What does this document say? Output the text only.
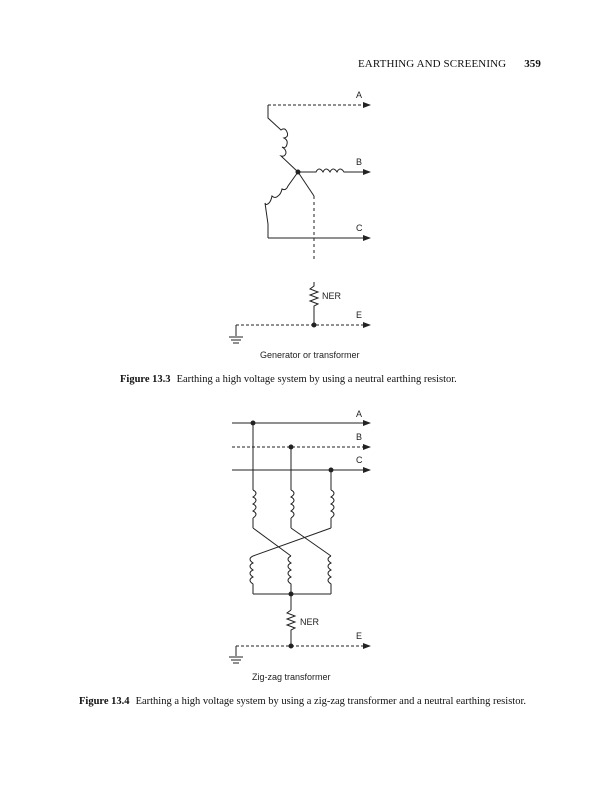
EARTHING AND SCREENING 359
A
B
C
NER
E
Generator or transformer
A
B
C
NER
E
Zig-zag transformer
Figure 13.3 Earthing a high voltage system by using a neutral earthing resistor.
Figure 13.4 Earthing a high voltage system by using a zig-zag transformer and a neutral earthing resistor.
